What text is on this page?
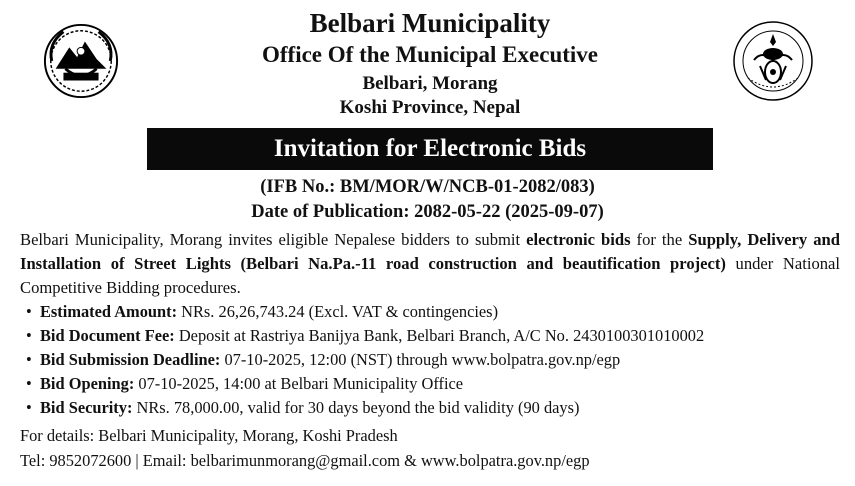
Belbari Municipality
Office Of the Municipal Executive
Belbari, Morang
Koshi Province, Nepal
Invitation for Electronic Bids
(IFB No.: BM/MOR/W/NCB-01-2082/083)
Date of Publication: 2082-05-22 (2025-09-07)
Belbari Municipality, Morang invites eligible Nepalese bidders to submit electronic bids for the Supply, Delivery and Installation of Street Lights (Belbari Na.Pa.-11 road construction and beautification project) under National Competitive Bidding procedures.
• Estimated Amount: NRs. 26,26,743.24 (Excl. VAT & contingencies)
• Bid Document Fee: Deposit at Rastriya Banijya Bank, Belbari Branch, A/C No. 2430100301010002
• Bid Submission Deadline: 07-10-2025, 12:00 (NST) through www.bolpatra.gov.np/egp
• Bid Opening: 07-10-2025, 14:00 at Belbari Municipality Office
• Bid Security: NRs. 78,000.00, valid for 30 days beyond the bid validity (90 days)
For details: Belbari Municipality, Morang, Koshi Pradesh
Tel: 9852072600 | Email: belbarimunmorang@gmail.com & www.bolpatra.gov.np/egp
